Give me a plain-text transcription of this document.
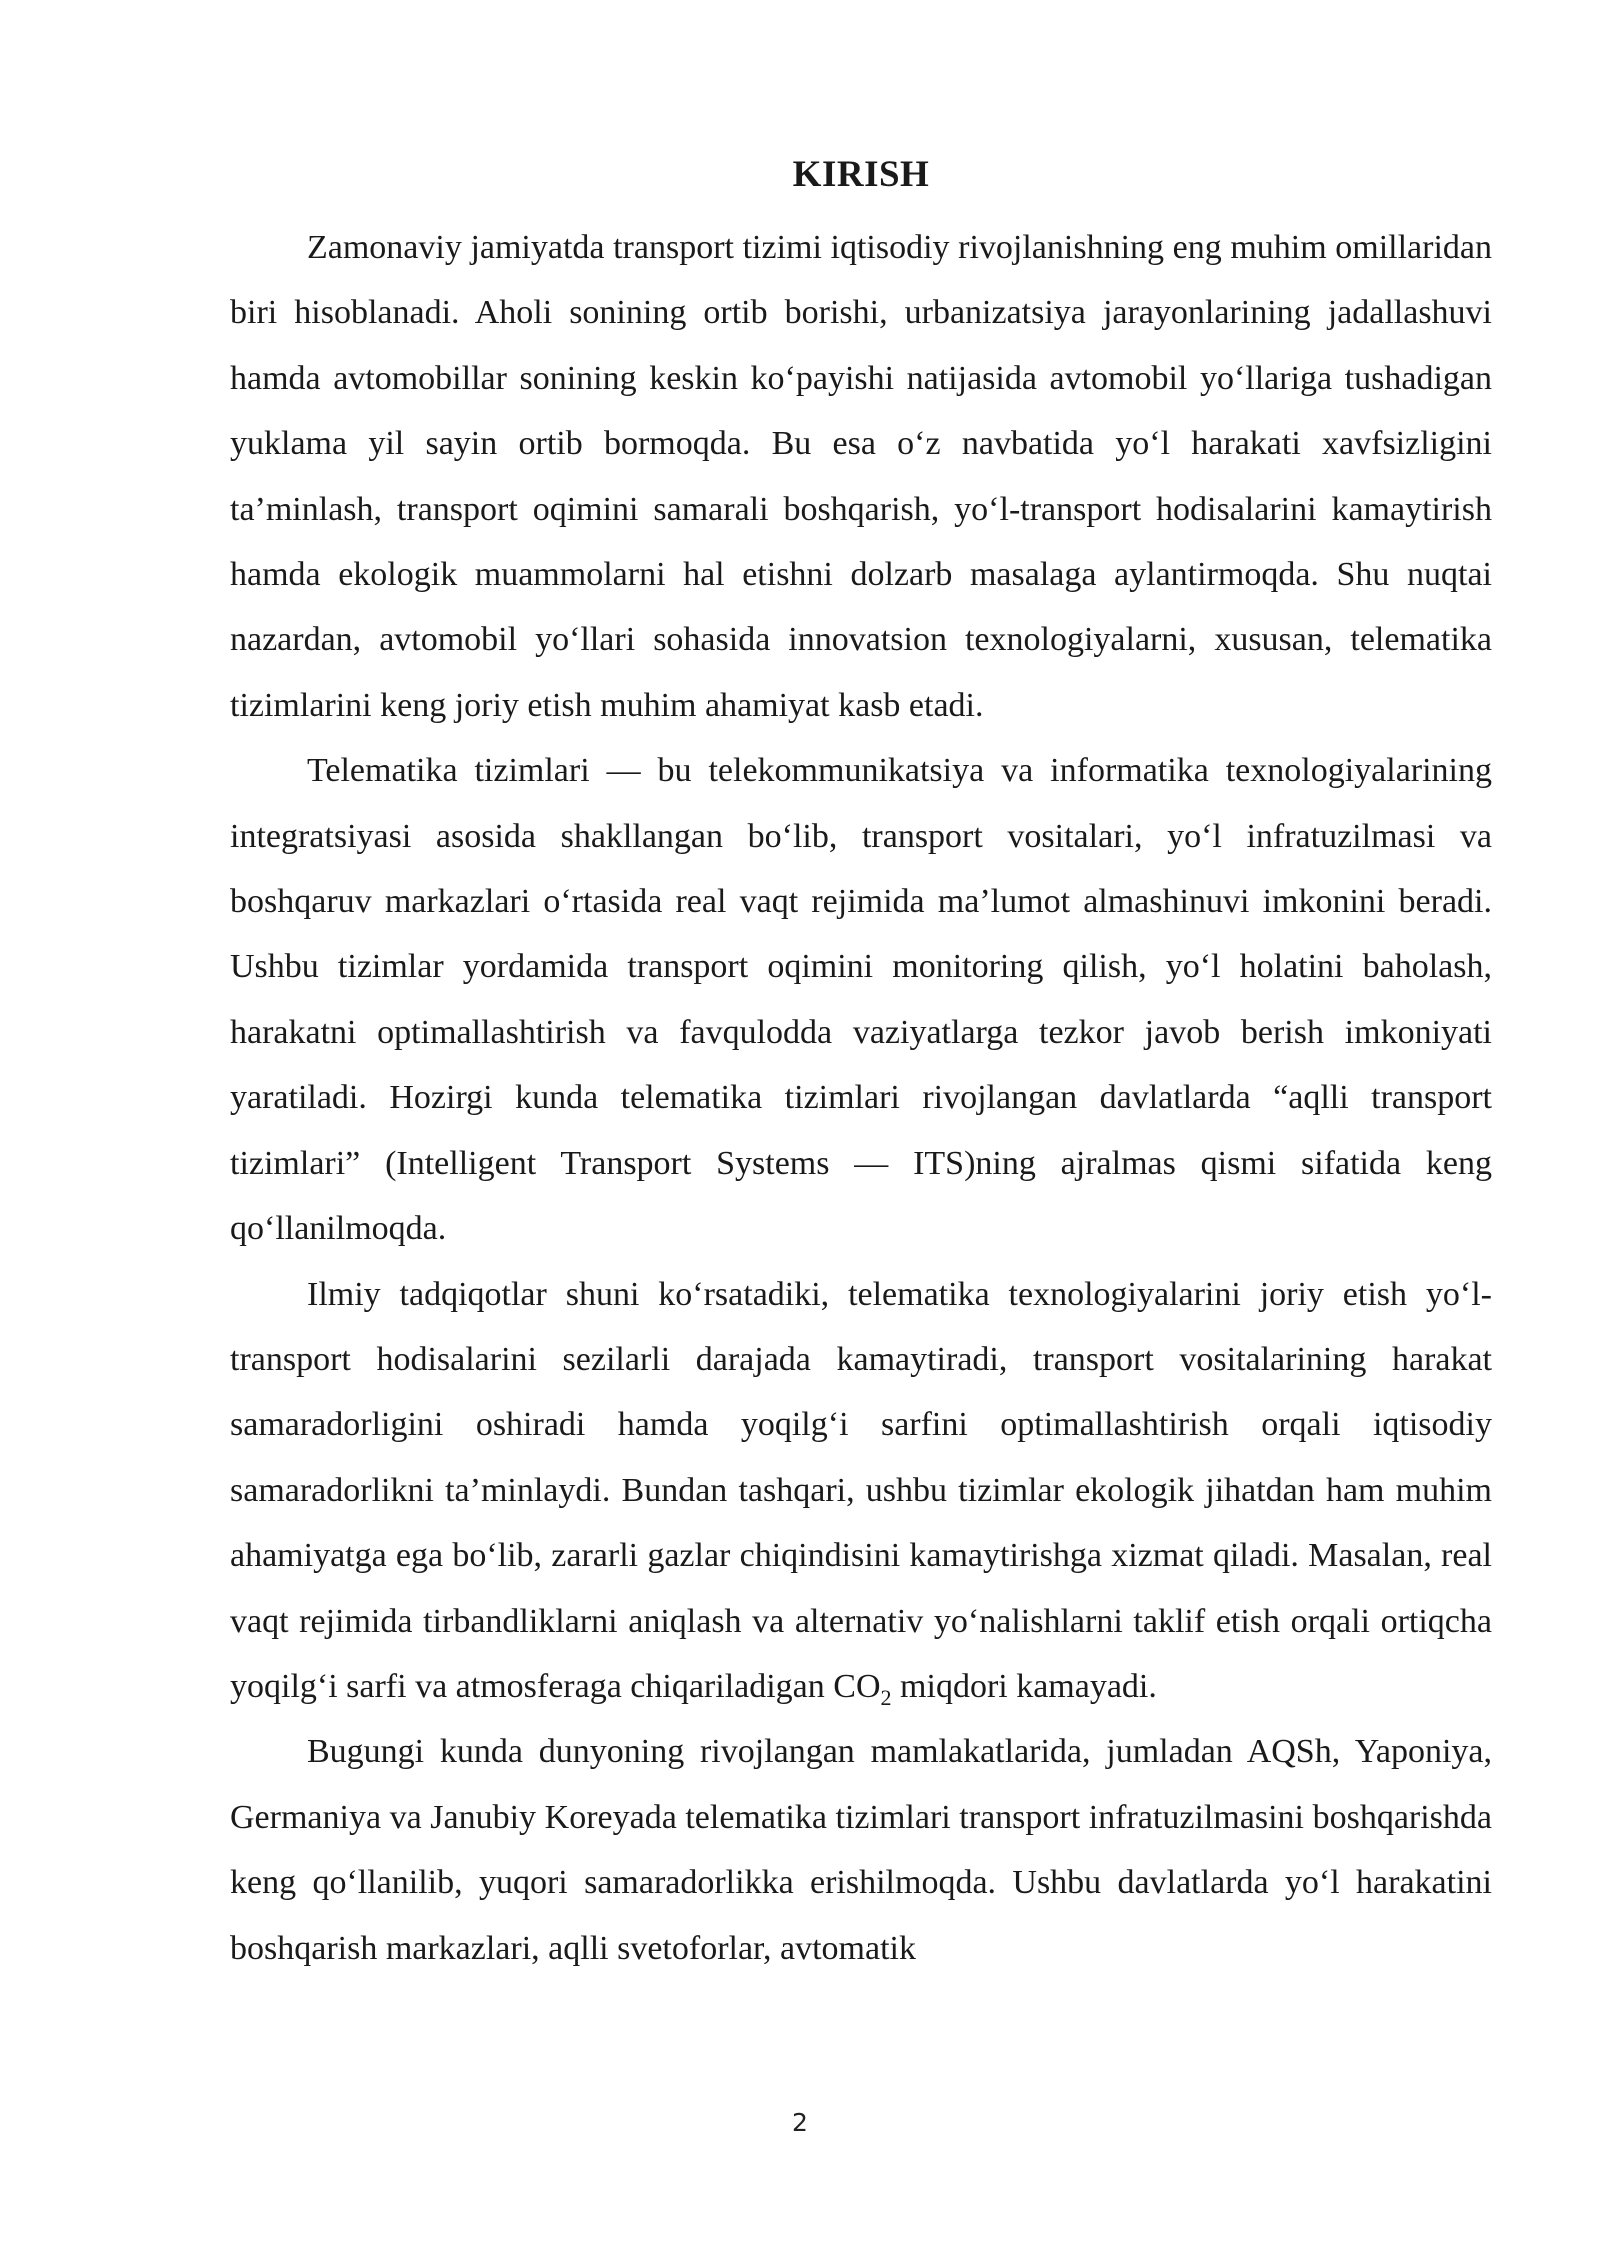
KIRISH

Zamonaviy jamiyatda transport tizimi iqtisodiy rivojlanishning eng muhim omillaridan biri hisoblanadi. Aholi sonining ortib borishi, urbanizatsiya jarayonlarining jadallashuvi hamda avtomobillar sonining keskin ko‘payishi natijasida avtomobil yo‘llariga tushadigan yuklama yil sayin ortib bormoqda. Bu esa o‘z navbatida yo‘l harakati xavfsizligini ta’minlash, transport oqimini samarali boshqarish, yo‘l-transport hodisalarini kamaytirish hamda ekologik muammolarni hal etishni dolzarb masalaga aylantirmoqda. Shu nuqtai nazardan, avtomobil yo‘llari sohasida innovatsion texnologiyalarni, xususan, telematika tizimlarini keng joriy etish muhim ahamiyat kasb etadi.

Telematika tizimlari — bu telekommunikatsiya va informatika texnologiyalarining integratsiyasi asosida shakllangan bo‘lib, transport vositalari, yo‘l infratuzilmasi va boshqaruv markazlari o‘rtasida real vaqt rejimida ma’lumot almashinuvi imkonini beradi. Ushbu tizimlar yordamida transport oqimini monitoring qilish, yo‘l holatini baholash, harakatni optimallashtirish va favqulodda vaziyatlarga tezkor javob berish imkoniyati yaratiladi. Hozirgi kunda telematika tizimlari rivojlangan davlatlarda “aqlli transport tizimlari” (Intelligent Transport Systems — ITS)ning ajralmas qismi sifatida keng qo‘llanilmoqda.

Ilmiy tadqiqotlar shuni ko‘rsatadiki, telematika texnologiyalarini joriy etish yo‘l-transport hodisalarini sezilarli darajada kamaytiradi, transport vositalarining harakat samaradorligini oshiradi hamda yoqilg‘i sarfini optimallashtirish orqali iqtisodiy samaradorlikni ta’minlaydi. Bundan tashqari, ushbu tizimlar ekologik jihatdan ham muhim ahamiyatga ega bo‘lib, zararli gazlar chiqindisini kamaytirishga xizmat qiladi. Masalan, real vaqt rejimida tirbandliklarni aniqlash va alternativ yo‘nalishlarni taklif etish orqali ortiqcha yoqilg‘i sarfi va atmosferaga chiqariladigan $CO_2$ miqdori kamayadi.

Bugungi kunda dunyoning rivojlangan mamlakatlarida, jumladan AQSh, Yaponiya, Germaniya va Janubiy Koreyada telematika tizimlari transport infratuzilmasini boshqarishda keng qo‘llanilib, yuqori samaradorlikka erishilmoqda. Ushbu davlatlarda yo‘l harakatini boshqarish markazlari, aqlli svetoforlar, avtomatik

2
